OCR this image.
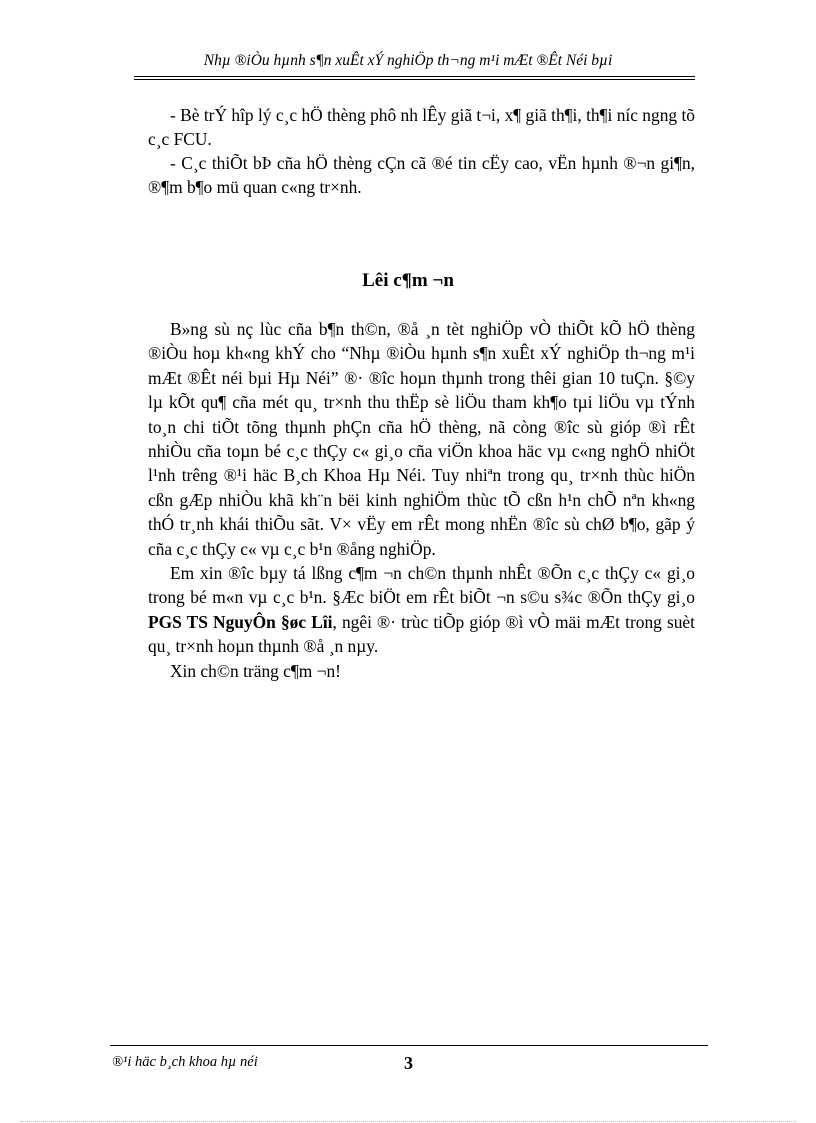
Nhµ ®iÒu hµnh s¶n xuÊt xÝ nghiÖp th¬ng m¹i mÆt ®Êt Néi bµi

- Bè trÝ hîp lý c¸c hÖ thèng phô nh lÊy giã t¬i, x¶ giã th¶i, th¶i níc ngng tõ c¸c FCU.

- C¸c thiÕt bÞ cña hÖ thèng cÇn cã ®é tin cËy cao, vËn hµnh ®¬n gi¶n, ®¶m b¶o mü quan c«ng tr×nh.

Lêi c¶m ¬n

B»ng sù nç lùc cña b¶n th©n, ®å ¸n tèt nghiÖp vÒ thiÕt kÕ hÖ thèng ®iÒu hoµ kh«ng khÝ cho “Nhµ ®iÒu hµnh s¶n xuÊt xÝ nghiÖp th¬ng m¹i mÆt ®Êt néi bµi Hµ Néi” ®· ®îc hoµn thµnh trong thêi gian 10 tuÇn. §©y lµ kÕt qu¶ cña mét qu¸ tr×nh thu thËp sè liÖu tham kh¶o tµi liÖu vµ tÝnh to¸n chi tiÕt tõng thµnh phÇn cña hÖ thèng, nã còng ®îc sù gióp ®ì rÊt nhiÒu cña toµn bé c¸c thÇy c« gi¸o cña viÖn khoa häc vµ c«ng nghÖ nhiÖt l¹nh trêng ®¹i häc B¸ch Khoa Hµ Néi. Tuy nhiªn trong qu¸ tr×nh thùc hiÖn cßn gÆp nhiÒu khã kh¨n bëi kinh nghiÖm thùc tÕ cßn h¹n chÕ nªn kh«ng thÓ tr¸nh khái thiÕu sãt. V× vËy em rÊt mong nhËn ®îc sù chØ b¶o, gãp ý cña c¸c thÇy c« vµ c¸c b¹n ®ång nghiÖp.

Em xin ®îc bµy tá lßng c¶m ¬n ch©n thµnh nhÊt ®Õn c¸c thÇy c« gi¸o trong bé m«n vµ c¸c b¹n. §Æc biÖt em rÊt biÕt ¬n s©u s¾c ®Õn thÇy gi¸o PGS TS NguyÔn §øc Lîi, ngêi ®· trùc tiÕp gióp ®ì vÒ mäi mÆt trong suèt qu¸ tr×nh hoµn thµnh ®å ¸n nµy.

Xin ch©n träng c¶m ¬n!

®¹i häc b¸ch khoa hµ néi	3
